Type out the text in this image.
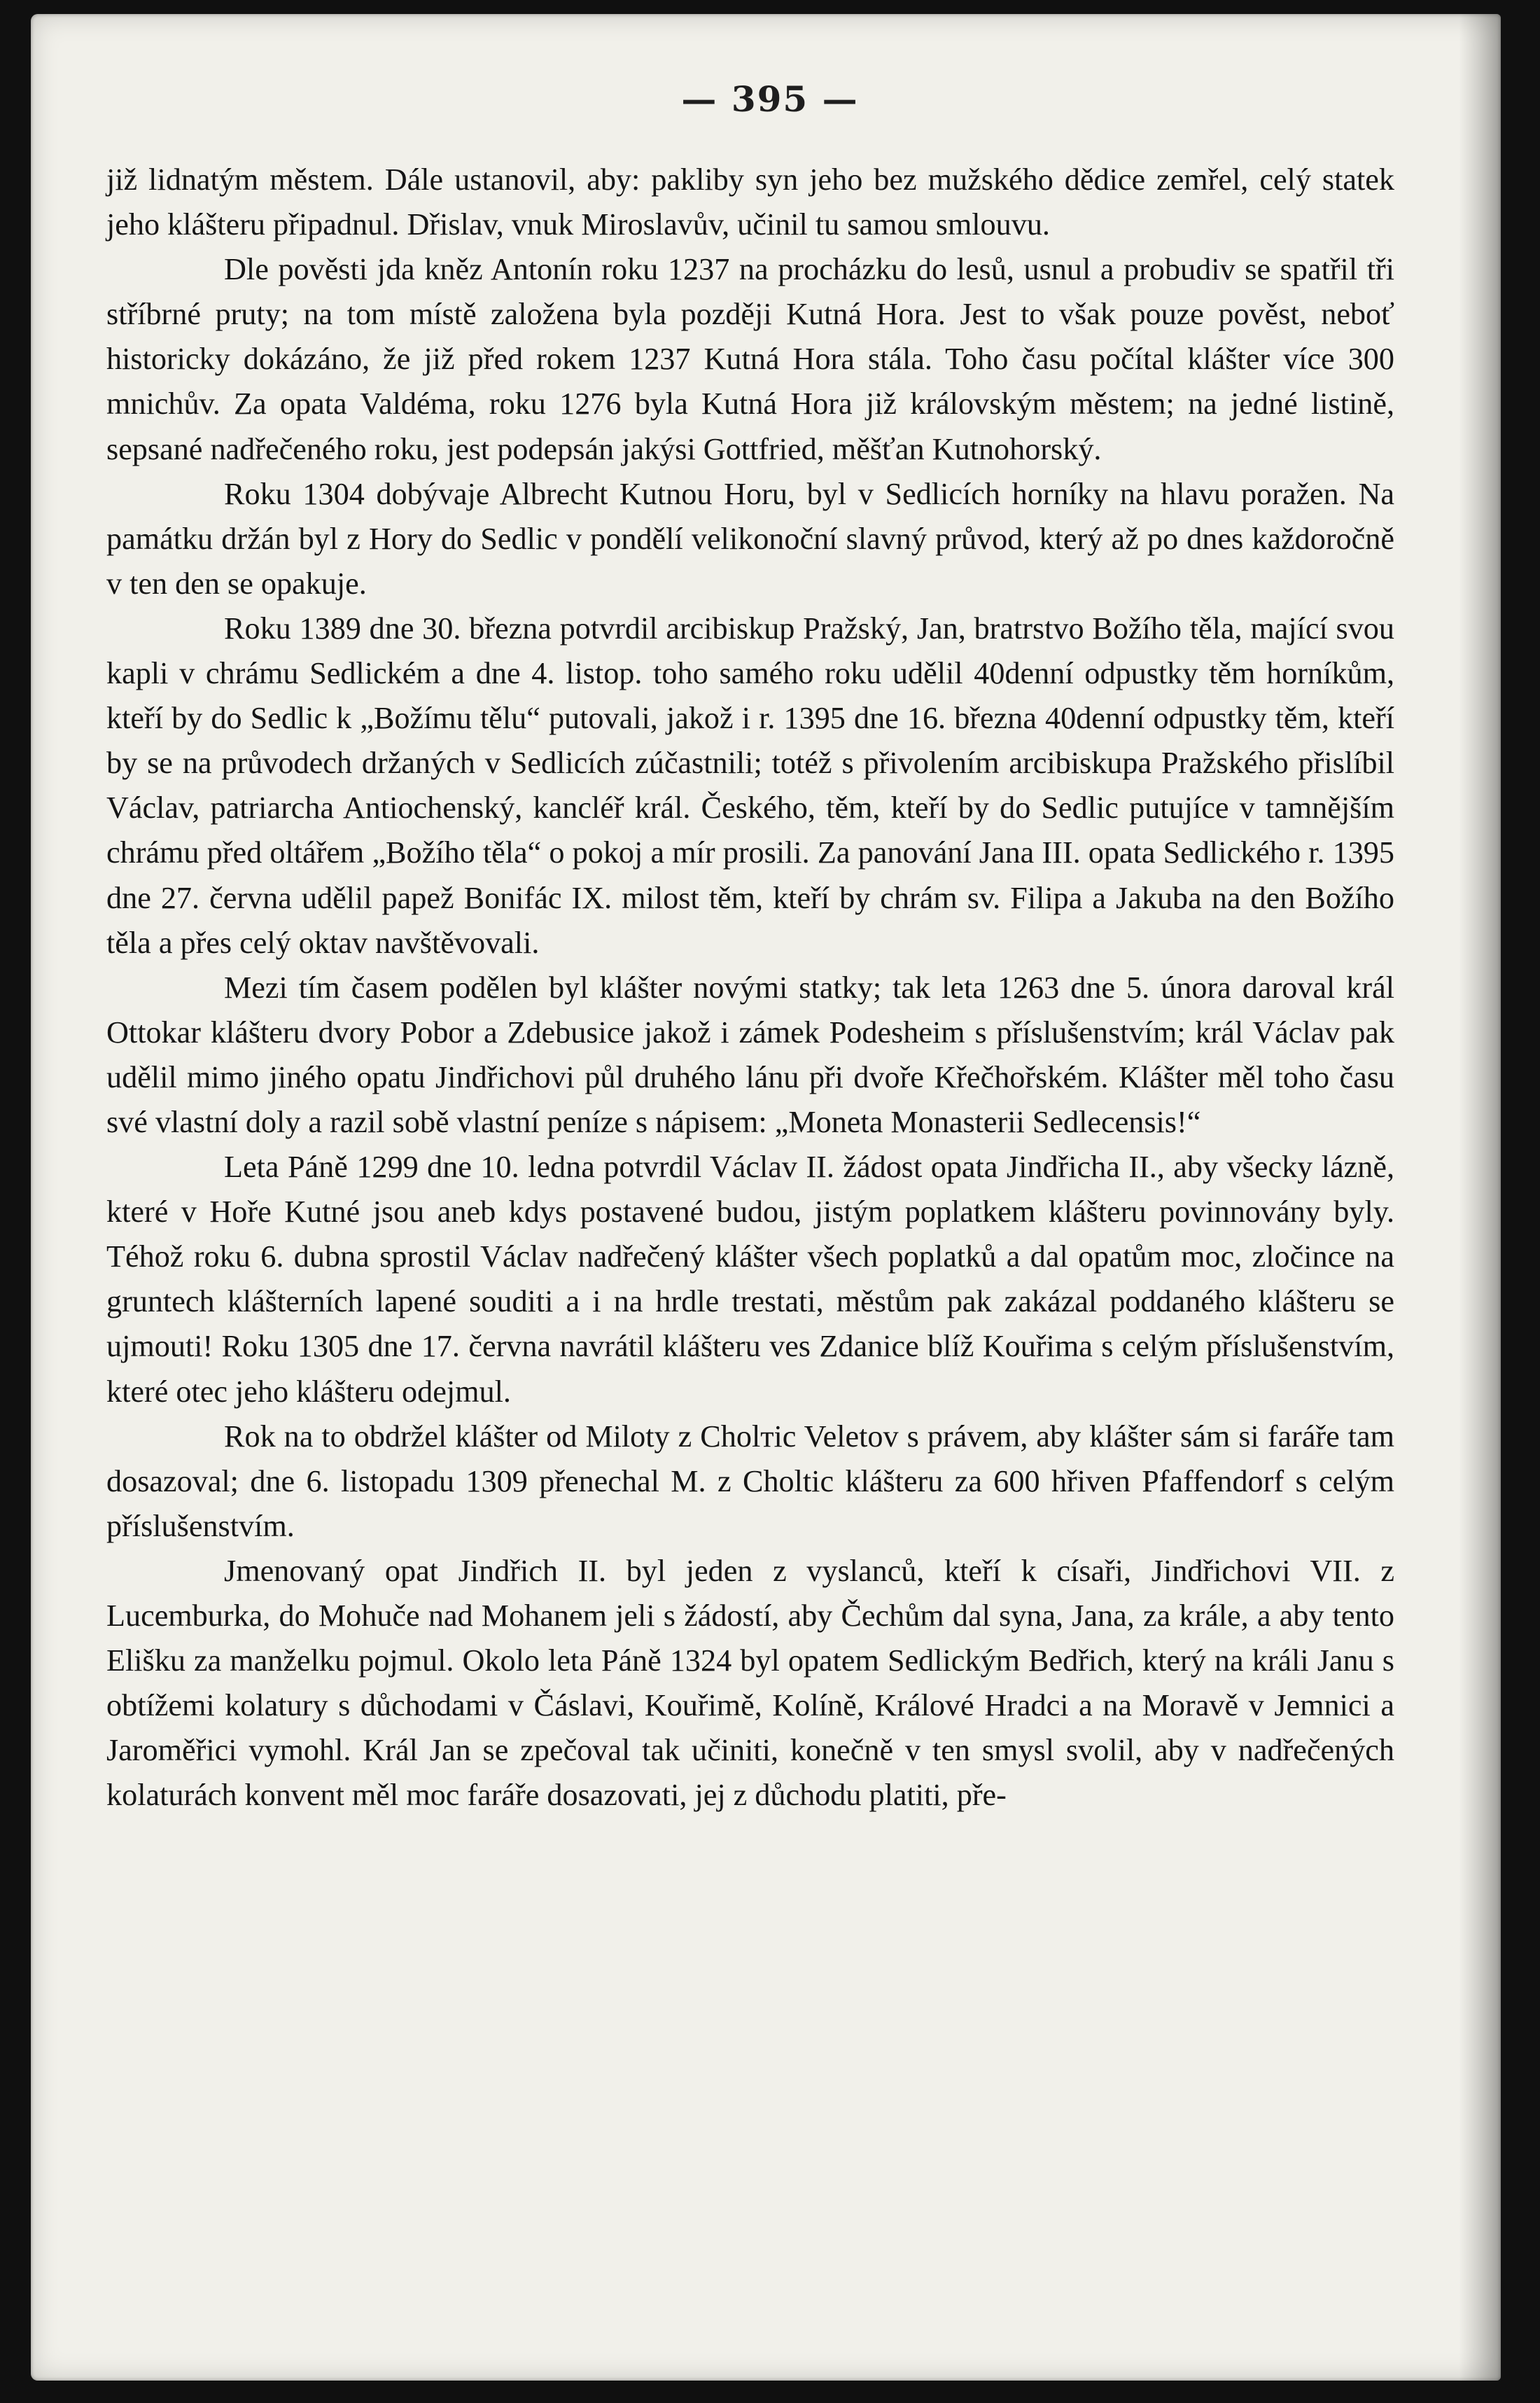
— 395 —

již lidnatým městem. Dále ustanovil, aby: pakliby syn jeho bez mužského dědice zemřel, celý statek jeho klášteru připadnul. Dřislav, vnuk Miroslavův, učinil tu samou smlouvu.

Dle pověsti jda kněz Antonín roku 1237 na procházku do lesů, usnul a probudiv se spatřil tři stříbrné pruty; na tom místě založena byla později Kutná Hora. Jest to však pouze pověst, neboť historicky dokázáno, že již před rokem 1237 Kutná Hora stála. Toho času počítal klášter více 300 mnichův. Za opata Valdéma, roku 1276 byla Kutná Hora již královským městem; na jedné listině, sepsané nadřečeného roku, jest podepsán jakýsi Gottfried, měšťan Kutnohorský.

Roku 1304 dobývaje Albrecht Kutnou Horu, byl v Sedlicích horníky na hlavu poražen. Na památku držán byl z Hory do Sedlic v pondělí velikonoční slavný průvod, který až po dnes každoročně v ten den se opakuje.

Roku 1389 dne 30. března potvrdil arcibiskup Pražský, Jan, bratrstvo Božího těla, mající svou kapli v chrámu Sedlickém a dne 4. listop. toho samého roku udělil 40denní odpustky těm horníkům, kteří by do Sedlic k „Božímu tělu“ putovali, jakož i r. 1395 dne 16. března 40denní odpustky těm, kteří by se na průvodech držaných v Sedlicích zúčastnili; totéž s přivolením arcibiskupa Pražského přislíbil Václav, patriarcha Antiochenský, kancléř král. Českého, těm, kteří by do Sedlic putujíce v tamnějším chrámu před oltářem „Božího těla“ o pokoj a mír prosili. Za panování Jana III. opata Sedlického r. 1395 dne 27. června udělil papež Bonifác IX. milost těm, kteří by chrám sv. Filipa a Jakuba na den Božího těla a přes celý oktav navštěvovali.

Mezi tím časem podělen byl klášter novými statky; tak leta 1263 dne 5. února daroval král Ottokar klášteru dvory Pobor a Zdebusice jakož i zámek Podesheim s příslušenstvím; král Václav pak udělil mimo jiného opatu Jindřichovi půl druhého lánu při dvoře Křečhořském. Klášter měl toho času své vlastní doly a razil sobě vlastní peníze s nápisem: „Moneta Monasterii Sedlecensis!“

Leta Páně 1299 dne 10. ledna potvrdil Václav II. žádost opata Jindřicha II., aby všecky lázně, které v Hoře Kutné jsou aneb kdys postavené budou, jistým poplatkem klášteru povinnovány byly. Téhož roku 6. dubna sprostil Václav nadřečený klášter všech poplatků a dal opatům moc, zločince na gruntech klášterních lapené souditi a i na hrdle trestati, městům pak zakázal poddaného klášteru se ujmouti! Roku 1305 dne 17. června navrátil klášteru ves Zdanice blíž Kouřima s celým příslušenstvím, které otec jeho klášteru odejmul.

Rok na to obdržel klášter od Miloty z Cholтic Veletov s právem, aby klášter sám si faráře tam dosazoval; dne 6. listopadu 1309 přenechal M. z Choltic klášteru za 600 hřiven Pfaffendorf s celým příslušenstvím.

Jmenovaný opat Jindřich II. byl jeden z vyslanců, kteří k císaři, Jindřichovi VII. z Lucemburka, do Mohuče nad Mohanem jeli s žádostí, aby Čechům dal syna, Jana, za krále, a aby tento Elišku za manželku pojmul. Okolo leta Páně 1324 byl opatem Sedlickým Bedřich, který na králi Janu s obtížemi kolatury s důchodami v Čáslavi, Kouřimě, Kolíně, Králové Hradci a na Moravě v Jemnici a Jaroměřici vymohl. Král Jan se zpečoval tak učiniti, konečně v ten smysl svolil, aby v nadřečených kolaturách konvent měl moc faráře dosazovati, jej z důchodu platiti, pře-
